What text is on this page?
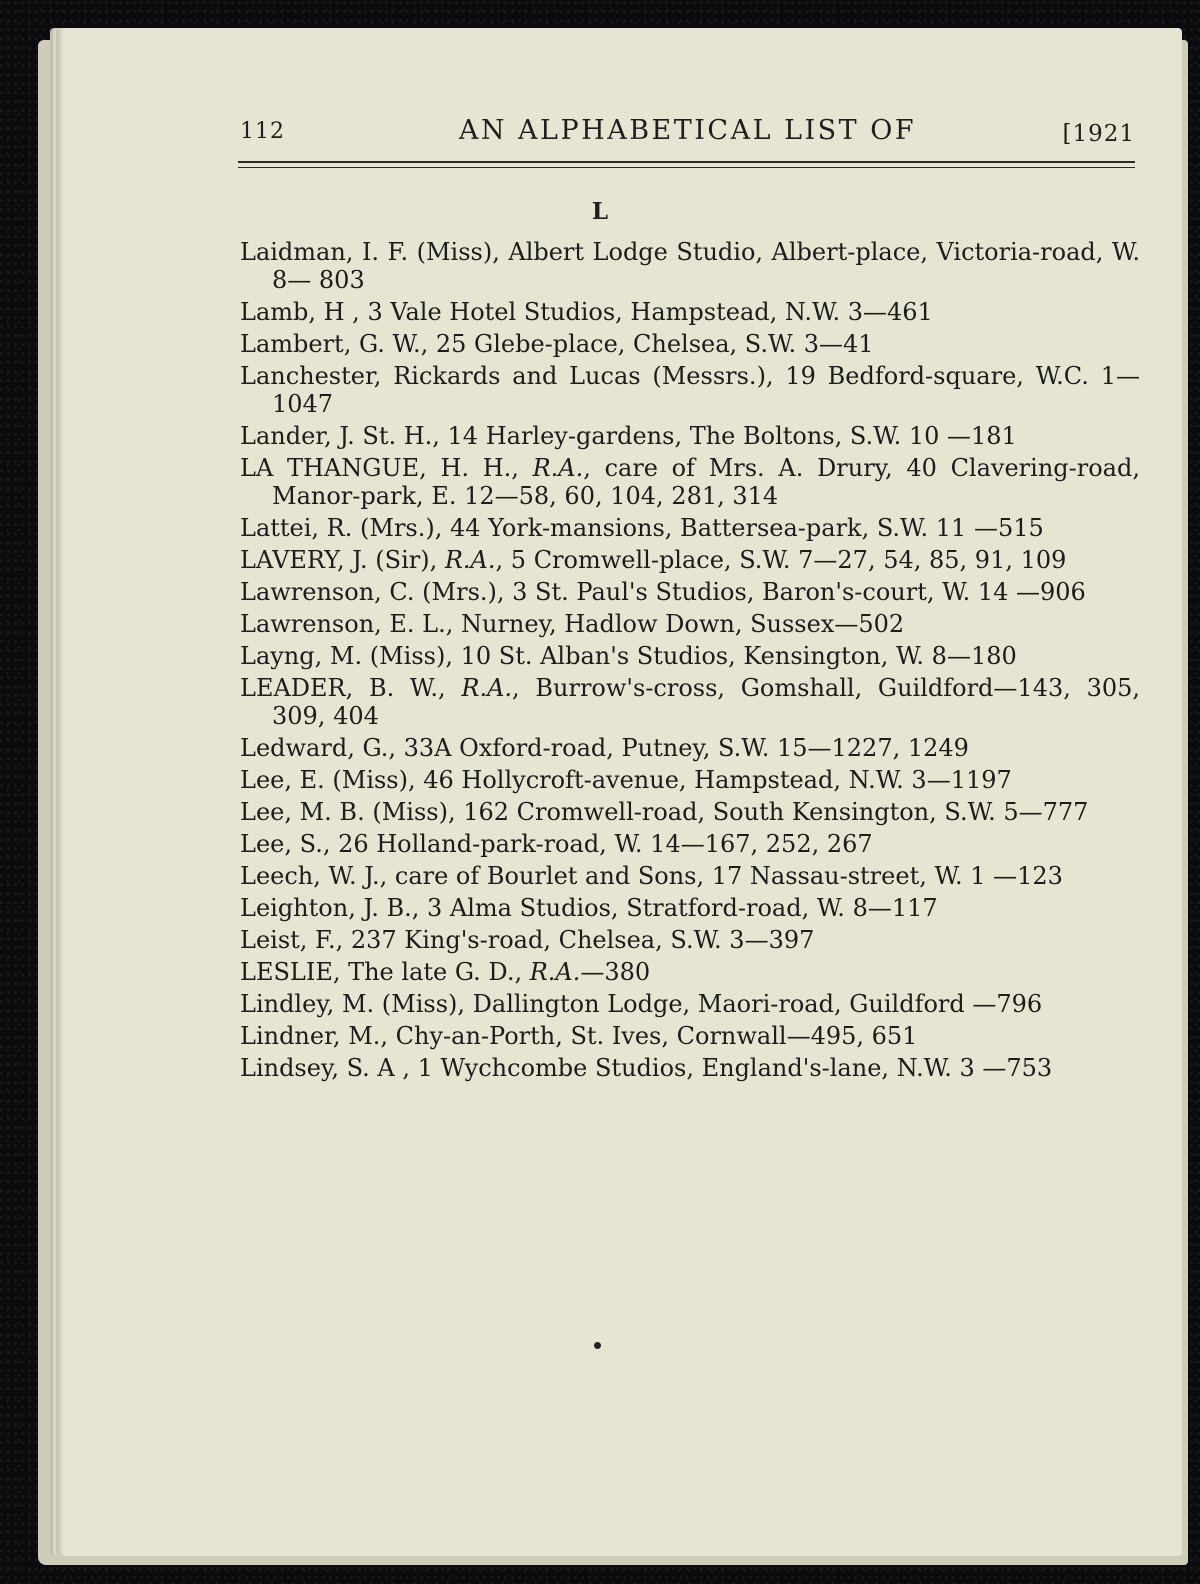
112	AN ALPHABETICAL LIST OF	[1921
L
Laidman, I. F. (Miss), Albert Lodge Studio, Albert-place, Victoria-road, W. 8— 803
Lamb, H , 3 Vale Hotel Studios, Hampstead, N.W. 3—461
Lambert, G. W., 25 Glebe-place, Chelsea, S.W. 3—41
Lanchester, Rickards and Lucas (Messrs.), 19 Bedford-square, W.C. 1—1047
Lander, J. St. H., 14 Harley-gardens, The Boltons, S.W. 10 —181
LA THANGUE, H. H., R.A., care of Mrs. A. Drury, 40 Clavering-road, Manor-park, E. 12—58, 60, 104, 281, 314
Lattei, R. (Mrs.), 44 York-mansions, Battersea-park, S.W. 11 —515
LAVERY, J. (Sir), R.A., 5 Cromwell-place, S.W. 7—27, 54, 85, 91, 109
Lawrenson, C. (Mrs.), 3 St. Paul's Studios, Baron's-court, W. 14 —906
Lawrenson, E. L., Nurney, Hadlow Down, Sussex—502
Layng, M. (Miss), 10 St. Alban's Studios, Kensington, W. 8—180
LEADER, B. W., R.A., Burrow's-cross, Gomshall, Guildford—143, 305, 309, 404
Ledward, G., 33A Oxford-road, Putney, S.W. 15—1227, 1249
Lee, E. (Miss), 46 Hollycroft-avenue, Hampstead, N.W. 3—1197
Lee, M. B. (Miss), 162 Cromwell-road, South Kensington, S.W. 5—777
Lee, S., 26 Holland-park-road, W. 14—167, 252, 267
Leech, W. J., care of Bourlet and Sons, 17 Nassau-street, W. 1 —123
Leighton, J. B., 3 Alma Studios, Stratford-road, W. 8—117
Leist, F., 237 King's-road, Chelsea, S.W. 3—397
LESLIE, The late G. D., R.A.—380
Lindley, M. (Miss), Dallington Lodge, Maori-road, Guildford —796
Lindner, M., Chy-an-Porth, St. Ives, Cornwall—495, 651
Lindsey, S. A , 1 Wychcombe Studios, England's-lane, N.W. 3 —753
